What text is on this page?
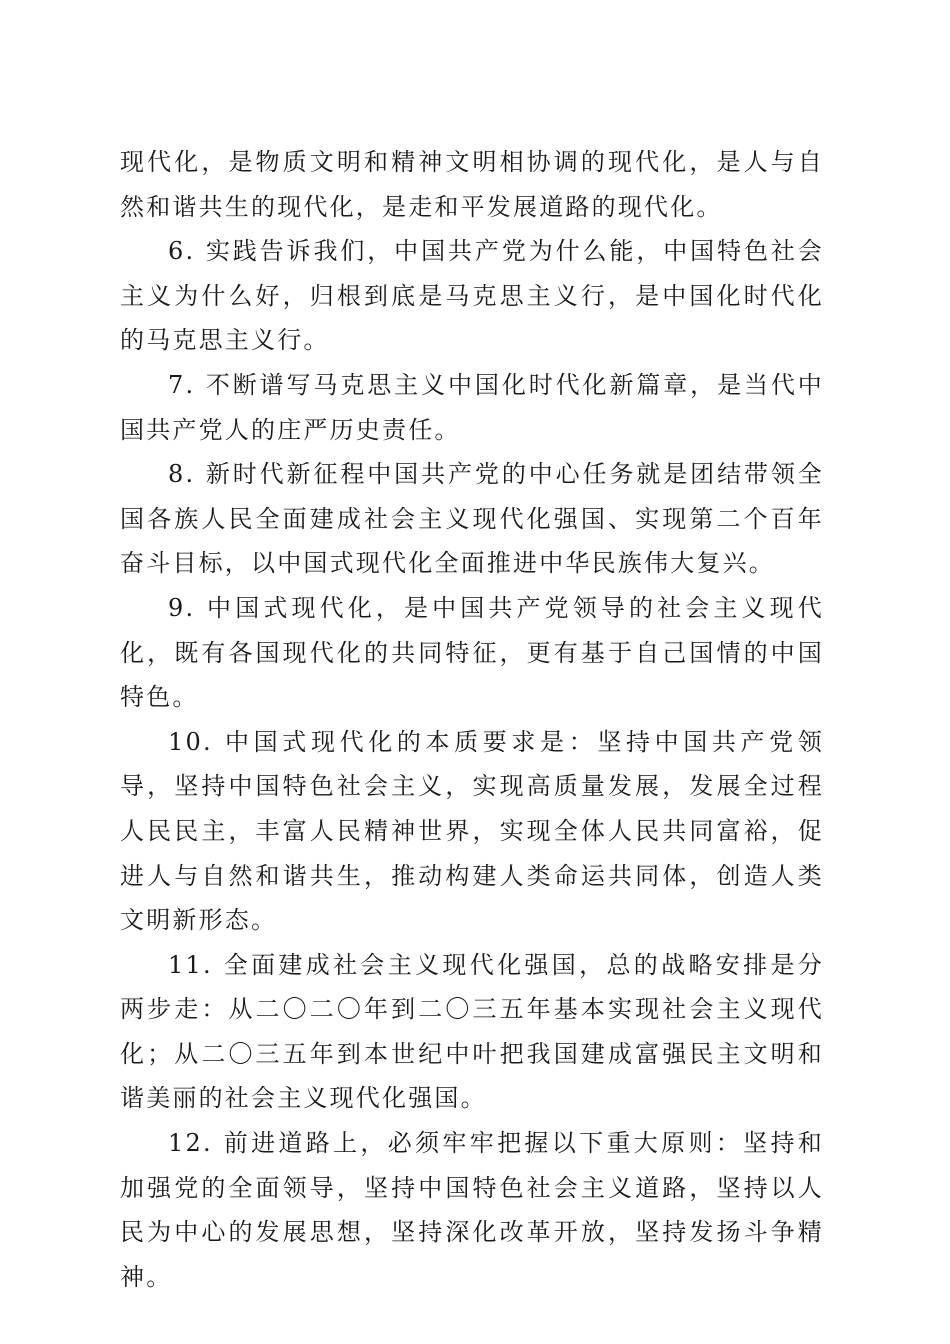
现代化，是物质文明和精神文明相协调的现代化，是人与自然和谐共生的现代化，是走和平发展道路的现代化。

6. 实践告诉我们，中国共产党为什么能，中国特色社会主义为什么好，归根到底是马克思主义行，是中国化时代化的马克思主义行。

7. 不断谱写马克思主义中国化时代化新篇章，是当代中国共产党人的庄严历史责任。

8. 新时代新征程中国共产党的中心任务就是团结带领全国各族人民全面建成社会主义现代化强国、实现第二个百年奋斗目标，以中国式现代化全面推进中华民族伟大复兴。

9. 中国式现代化，是中国共产党领导的社会主义现代化，既有各国现代化的共同特征，更有基于自己国情的中国特色。

10. 中国式现代化的本质要求是：坚持中国共产党领导，坚持中国特色社会主义，实现高质量发展，发展全过程人民民主，丰富人民精神世界，实现全体人民共同富裕，促进人与自然和谐共生，推动构建人类命运共同体，创造人类文明新形态。

11. 全面建成社会主义现代化强国，总的战略安排是分两步走：从二〇二〇年到二〇三五年基本实现社会主义现代化；从二〇三五年到本世纪中叶把我国建成富强民主文明和谐美丽的社会主义现代化强国。

12. 前进道路上，必须牢牢把握以下重大原则：坚持和加强党的全面领导，坚持中国特色社会主义道路，坚持以人民为中心的发展思想，坚持深化改革开放，坚持发扬斗争精神。
